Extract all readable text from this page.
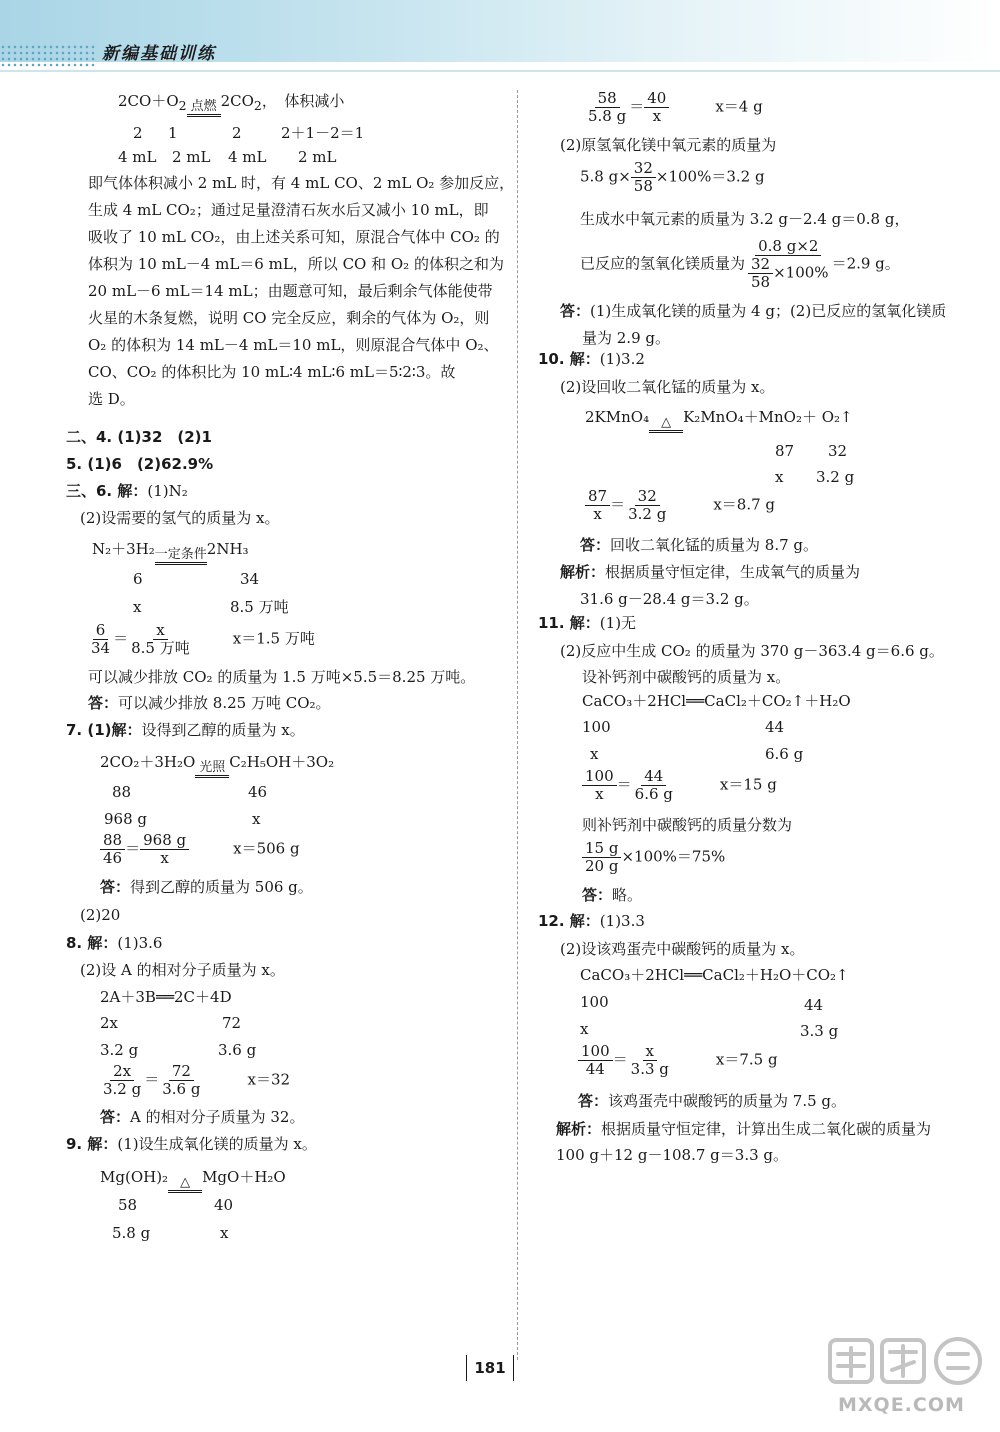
新编基础训练
$2CO+O_2$ 点燃 $2CO_2$，　体积减小
2 1	2	2＋1－2＝1
4 mL 2 mL 4 mL 2 mL
即气体体积减小 2 mL 时，有 4 mL CO、2 mL O₂ 参加反应，
生成 4 mL CO₂；通过足量澄清石灰水后又减小 10 mL，即
吸收了 10 mL CO₂，由上述关系可知，原混合气体中 CO₂ 的
体积为 10 mL－4 mL＝6 mL，所以 CO 和 O₂ 的体积之和为
20 mL－6 mL＝14 mL；由题意可知，最后剩余气体能使带
火星的木条复燃，说明 CO 完全反应，剩余的气体为 O₂，则
O₂ 的体积为 14 mL－4 mL＝10 mL，则原混合气体中 O₂、
CO、CO₂ 的体积比为 10 mL∶4 mL∶6 mL＝5∶2∶3。故
选 D。
二、4. (1)32　(2)1
5. (1)6　(2)62.9%
三、6. 解：(1)N₂
(2)设需要的氢气的质量为 x。
N₂＋3H₂ 一定条件 2NH₃
6	34
x	8.5 万吨
$\frac{6}{34} = \frac{x}{\text{8.5 万吨}}$	x＝1.5 万吨
可以减少排放 CO₂ 的质量为 1.5 万吨×5.5＝8.25 万吨。
答：可以减少排放 8.25 万吨 CO₂。
7. (1)解：设得到乙醇的质量为 x。
2CO₂＋3H₂O 光照 C₂H₅OH＋3O₂
88	46
968 g	x
$\frac{88}{46} = \frac{968 g}{x}$	x＝506 g
答：得到乙醇的质量为 506 g。
(2)20
8. 解：(1)3.6
(2)设 A 的相对分子质量为 x。
2A＋3B══2C＋4D
2x	72
3.2 g	3.6 g
$\frac{2x}{3.2 g} = \frac{72}{3.6 g}$	x＝32
答：A 的相对分子质量为 32。
9. 解：(1)设生成氧化镁的质量为 x。
Mg(OH)₂ △ MgO＋H₂O
58	40
5.8 g	x
$\frac{58}{5.8 g} = \frac{40}{x}$	x＝4 g
(2)原氢氧化镁中氧元素的质量为
5.8 $g\times \frac{32}{58} \times 100\%=3.2$ g
生成水中氧元素的质量为 3.2 g－2.4 g＝0.8 g，
已反应的氢氧化镁质量为 $\frac{0.8 g\times 2}{\frac{32}{58} \times 100\%} =2.9$ g。
答：(1)生成氧化镁的质量为 4 g；(2)已反应的氢氧化镁质
量为 2.9 g。
10. 解：(1)3.2
(2)设回收二氧化锰的质量为 x。
2KMnO₄ △ K₂MnO₄＋MnO₂＋ O₂↑
87 32
x 3.2 g
$\frac{87}{x} = \frac{32}{3.2 g}$	x＝8.7 g
答：回收二氧化锰的质量为 8.7 g。
解析：根据质量守恒定律，生成氧气的质量为
31.6 g－28.4 g＝3.2 g。
11. 解：(1)无
(2)反应中生成 CO₂ 的质量为 370 g－363.4 g＝6.6 g。
设补钙剂中碳酸钙的质量为 x。
CaCO₃＋2HCl══CaCl₂＋CO₂↑＋H₂O
100	44
x	6.6 g
$\frac{100}{x} = \frac{44}{6.6 g}$	x＝15 g
则补钙剂中碳酸钙的质量分数为
$\frac{15 g}{20 g} \times 100\%=75\%$
答：略。
12. 解：(1)3.3
(2)设该鸡蛋壳中碳酸钙的质量为 x。
CaCO₃＋2HCl══CaCl₂＋H₂O＋CO₂↑
100	44
x	3.3 g
$\frac{100}{44} = \frac{x}{3.3 g}$	x＝7.5 g
答：该鸡蛋壳中碳酸钙的质量为 7.5 g。
解析：根据质量守恒定律，计算出生成二氧化碳的质量为
100 g＋12 g－108.7 g＝3.3 g。
181
MXQE.COM
